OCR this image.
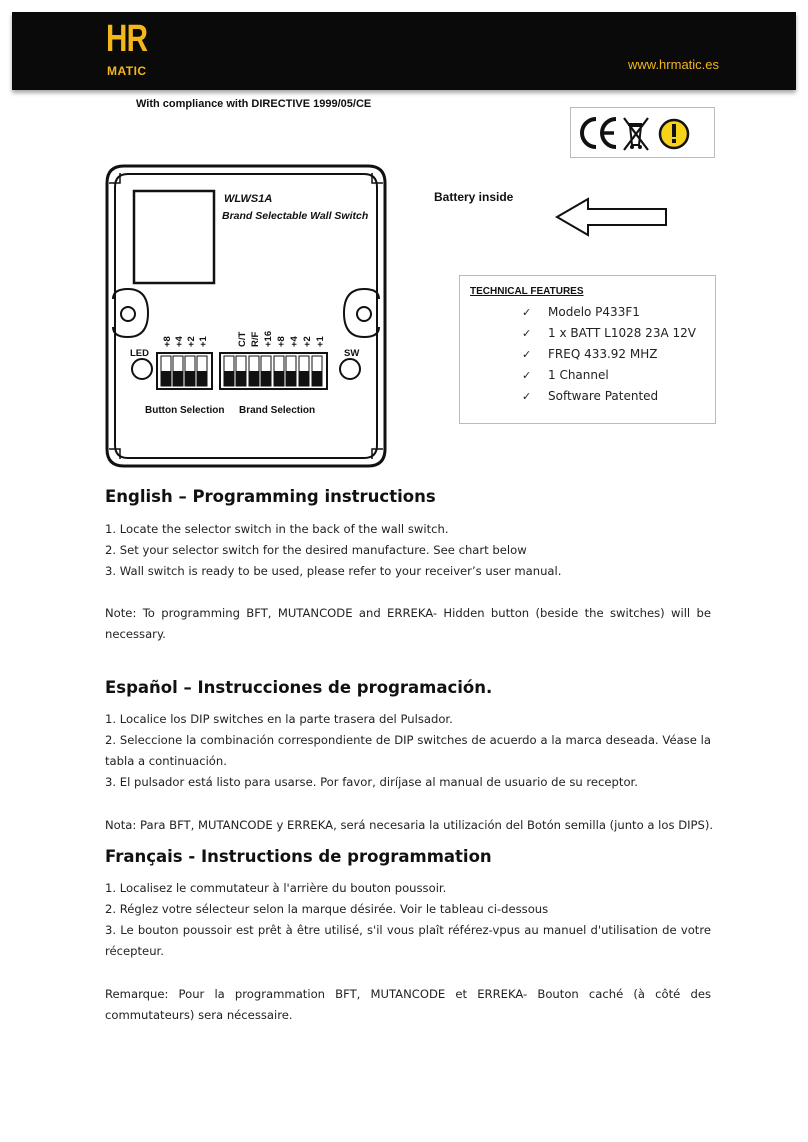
HR
MATIC	www.hrmatic.es
With compliance with DIRECTIVE 1999/05/CE
WLWS1A
Brand Selectable Wall Switch
LED	SW
+8 +4 +2 +1	C/T R/F +16 +8 +4 +2 +1
Button Selection Brand Selection
Battery inside
TECHNICAL FEATURES
✓ Modelo P433F1
✓ 1 x BATT L1028 23A 12V
✓ FREQ 433.92 MHZ
✓ 1 Channel
✓ Software Patented
English – Programming instructions
1. Locate the selector switch in the back of the wall switch.
2. Set your selector switch for the desired manufacture. See chart below
3. Wall switch is ready to be used, please refer to your receiver’s user manual.
Note: To programming BFT, MUTANCODE and ERREKA- Hidden button (beside the switches) will be necessary.
Español – Instrucciones de programación.
1. Localice los DIP switches en la parte trasera del Pulsador.
2. Seleccione la combinación correspondiente de DIP switches de acuerdo a la marca deseada. Véase la tabla a continuación.
3. El pulsador está listo para usarse. Por favor, diríjase al manual de usuario de su receptor.
Nota: Para BFT, MUTANCODE y ERREKA, será necesaria la utilización del Botón semilla (junto a los DIPS).
Français - Instructions de programmation
1. Localisez le commutateur à l'arrière du bouton poussoir.
2. Réglez votre sélecteur selon la marque désirée. Voir le tableau ci-dessous
3. Le bouton poussoir est prêt à être utilisé, s'il vous plaît référez-vpus au manuel d'utilisation de votre récepteur.
Remarque: Pour la programmation BFT, MUTANCODE et ERREKA- Bouton caché (à côté des commutateurs) sera nécessaire.
